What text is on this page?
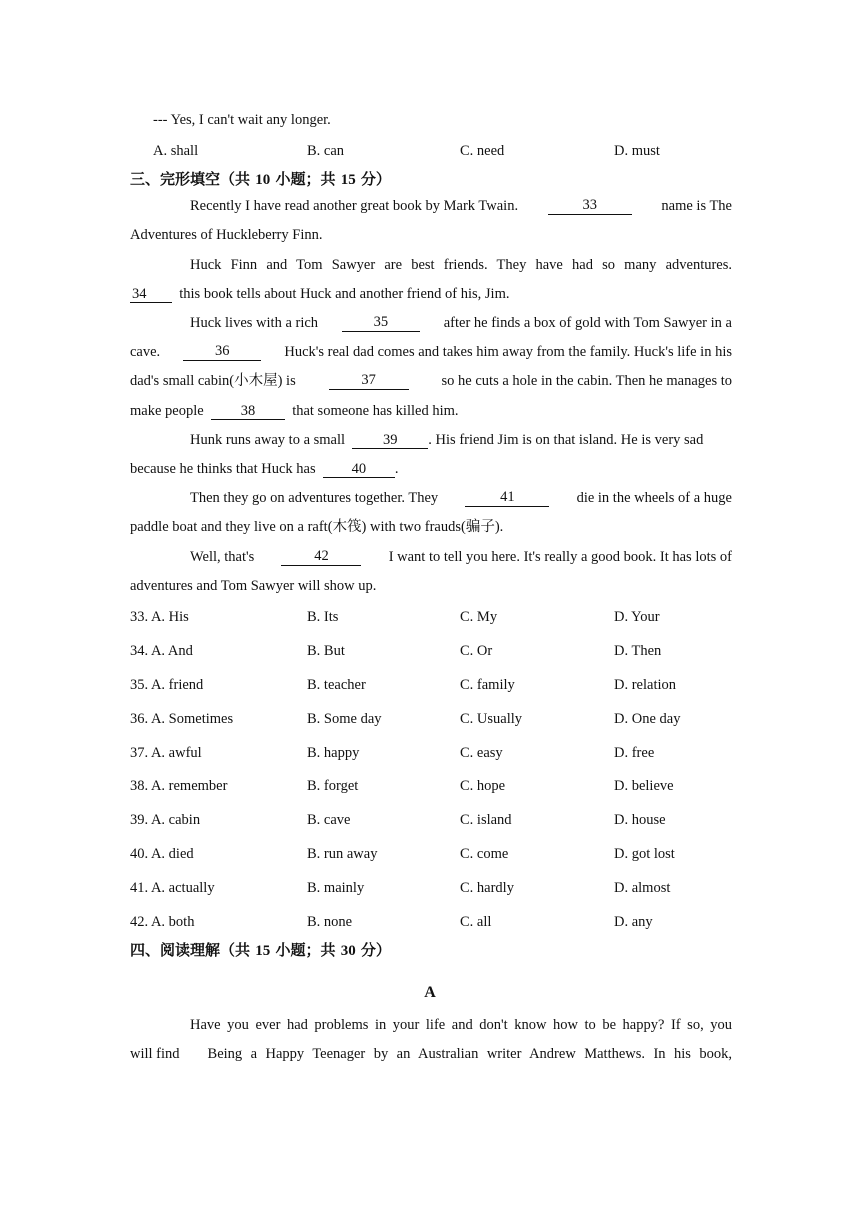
--- Yes, I can't wait any longer.
A. shall	B. can	C. need	D. must
三、完形填空（共 10 小题；共 15 分）
Recently I have read another great book by Mark Twain.	33	name is The
Adventures of Huckleberry Finn.
Huck Finn and Tom Sawyer are best friends. They have had so many adventures.
34 this book tells about Huck and another friend of his, Jim.
Huck lives with a rich	35	after he finds a box of gold with Tom Sawyer in a
cave.	36	Huck's real dad comes and takes him away from the family. Huck's life in his
dad's small cabin(小木屋) is	37	so he cuts a hole in the cabin. Then he manages to
make people	38	that someone has killed him.
Hunk runs away to a small	39 . His friend Jim is on that island. He is very sad
because he thinks that Huck has 40 .
Then they go on adventures together. They	41	die in the wheels of a huge
paddle boat and they live on a raft(木筏) with two frauds(骗子).
Well, that's	42	I want to tell you here. It's really a good book. It has lots of
adventures and Tom Sawyer will show up.
33. A. His	B. Its	C. My	D. Your
34. A. And	B. But	C. Or	D. Then
35. A. friend	B. teacher	C. family	D. relation
36. A. Sometimes	B. Some day	C. Usually	D. One day
37. A. awful	B. happy	C. easy	D. free
38. A. remember	B. forget	C. hope	D. believe
39. A. cabin	B. cave	C. island	D. house
40. A. died	B. run away	C. come	D. got lost
41. A. actually	B. mainly	C. hardly	D. almost
42. A. both	B. none	C. all	D. any
四、阅读理解（共 15 小题；共 30 分）
A
Have you ever had problems in your life and don't know how to be happy? If so, you
will find Being a Happy Teenager by an Australian writer Andrew Matthews. In his book,
